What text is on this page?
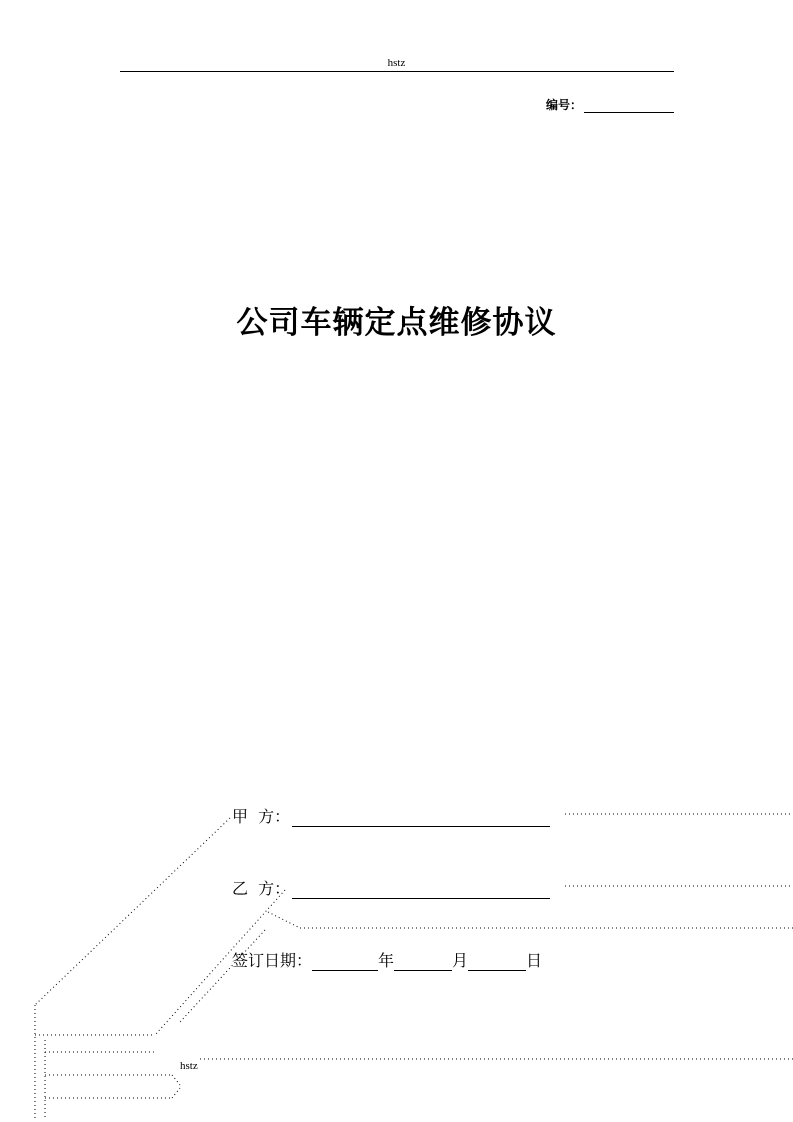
hstz
编号：
公司车辆定点维修协议
甲  方：
乙  方：
签订日期：	年	月	日
hstz
